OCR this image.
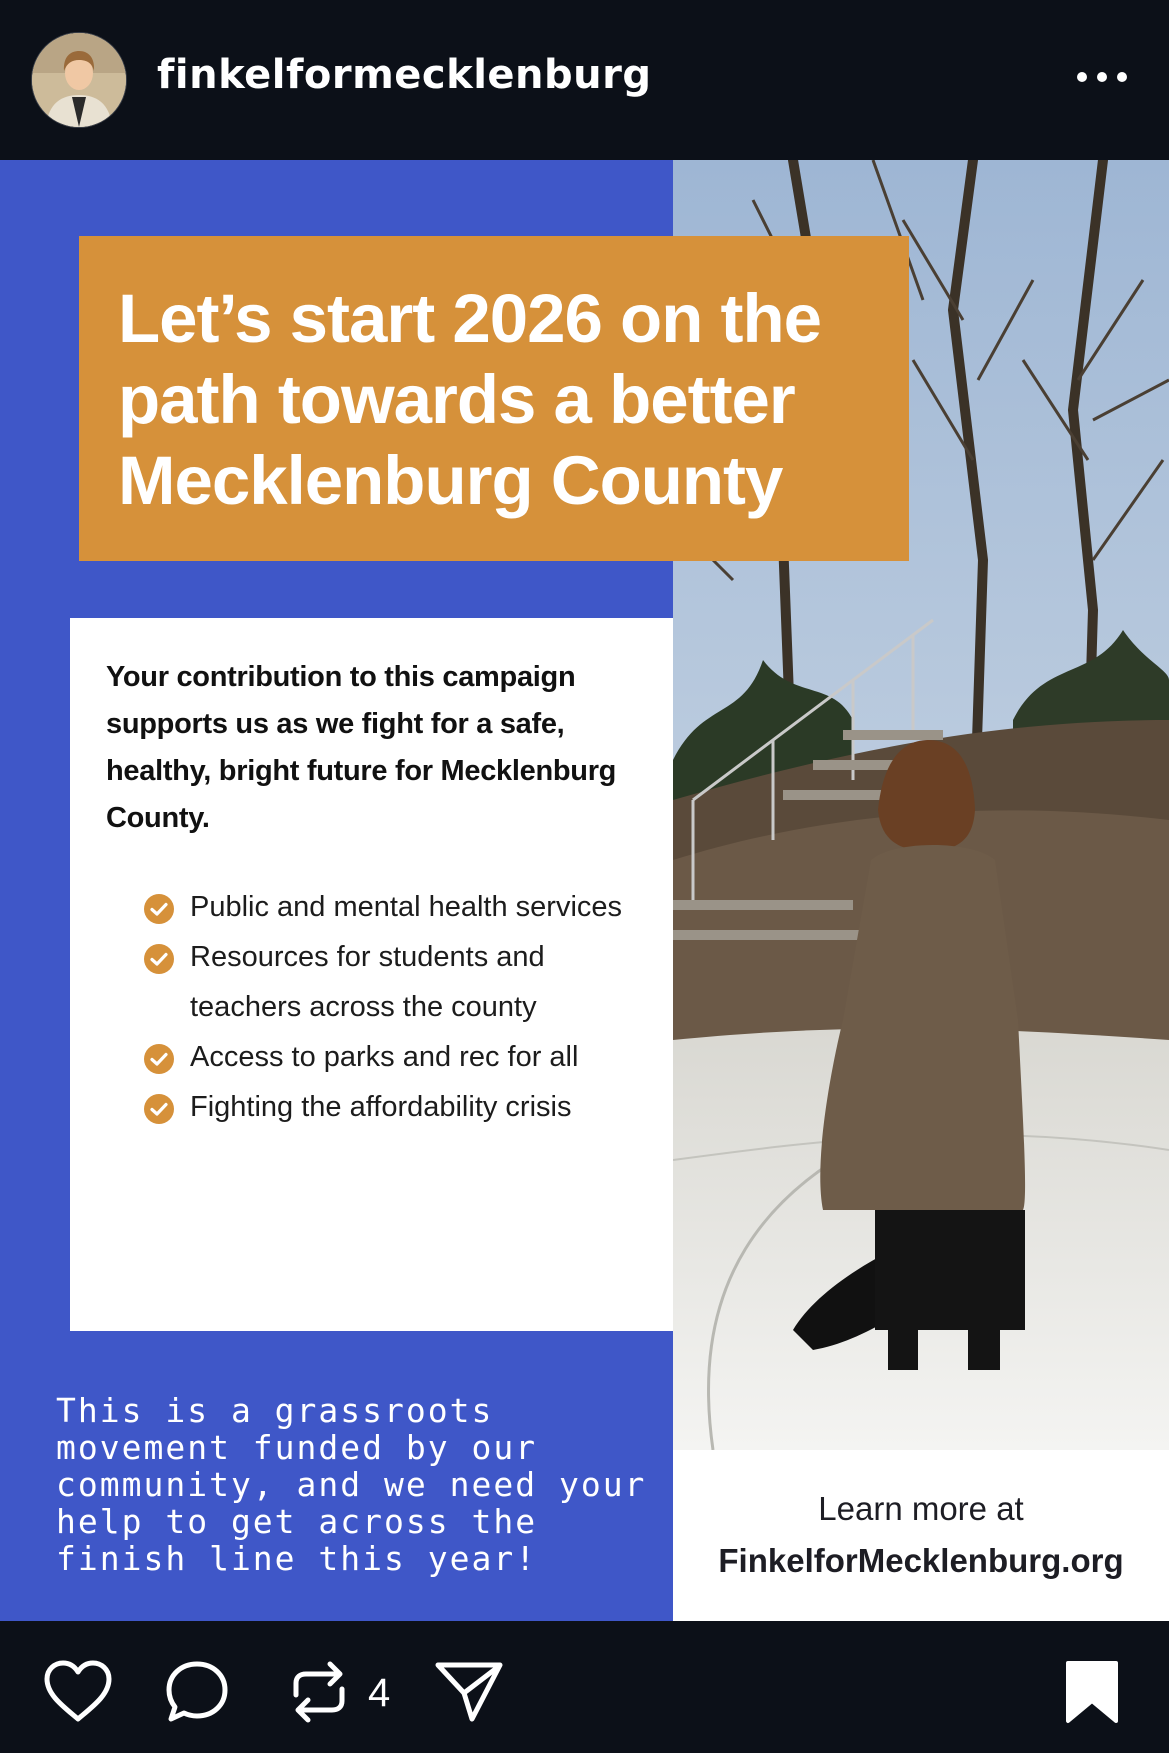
finkelformecklenburg
Learn more at
FinkelforMecklenburg.org

Let’s start 2026 on the
path towards a better
Mecklenburg County

Your contribution to this campaign supports us as we fight for a safe, healthy, bright future for Mecklenburg County.
Public and mental health services
Resources for students and teachers across the county
Access to parks and rec for all
Fighting the affordability crisis
This is a grassroots movement funded by our community, and we need your help to get across the finish line this year!
4
